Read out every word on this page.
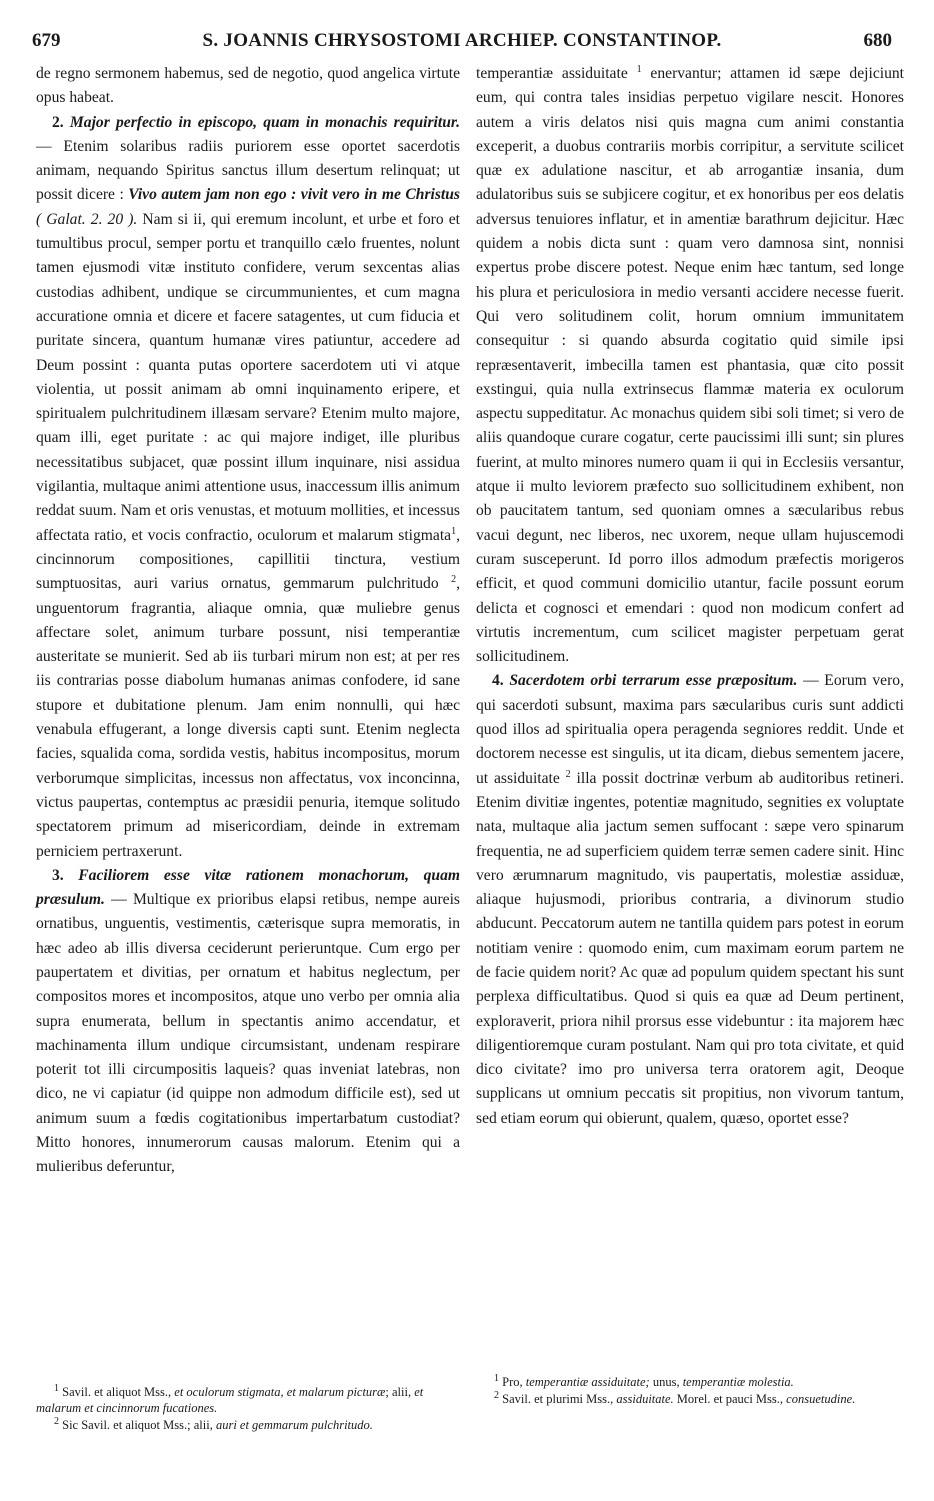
679	S. JOANNIS CHRYSOSTOMI ARCHIEP. CONSTANTINOP.	680

de regno sermonem habemus, sed de negotio, quod angelica virtute opus habeat.

2. Major perfectio in episcopo, quam in monachis requiritur. — Etenim solaribus radiis puriorem esse oportet sacerdotis animam, nequando Spiritus sanctus illum desertum relinquat; ut possit dicere : Vivo autem jam non ego : vivit vero in me Christus ( Galat. 2. 20 ). Nam si ii, qui eremum incolunt, et urbe et foro et tumultibus procul, semper portu et tranquillo cælo fruentes, nolunt tamen ejusmodi vitæ instituto confidere, verum sexcentas alias custodias adhibent, undique se circummunientes, et cum magna accuratione omnia et dicere et facere satagentes, ut cum fiducia et puritate sincera, quantum humanæ vires patiuntur, accedere ad Deum possint : quanta putas oportere sacerdotem uti vi atque violentia, ut possit animam ab omni inquinamento eripere, et spiritualem pulchritudinem illæsam servare? Etenim multo majore, quam illi, eget puritate : ac qui majore indiget, ille pluribus necessitatibus subjacet, quæ possint illum inquinare, nisi assidua vigilantia, multaque animi attentione usus, inaccessum illis animum reddat suum. Nam et oris venustas, et motuum mollities, et incessus affectata ratio, et vocis confractio, oculorum et malarum stigmata$^1$, cincinnorum compositiones, capillitii tinctura, vestium sumptuositas, auri varius ornatus, gemmarum pulchritudo $^2$, unguentorum fragrantia, aliaque omnia, quæ muliebre genus affectare solet, animum turbare possunt, nisi temperantiæ austeritate se munierit. Sed ab iis turbari mirum non est; at per res iis contrarias posse diabolum humanas animas confodere, id sane stupore et dubitatione plenum. Jam enim nonnulli, qui hæc venabula effugerant, a longe diversis capti sunt. Etenim neglecta facies, squalida coma, sordida vestis, habitus incompositus, morum verborumque simplicitas, incessus non affectatus, vox inconcinna, victus paupertas, contemptus ac præsidii penuria, itemque solitudo spectatorem primum ad misericordiam, deinde in extremam perniciem pertraxerunt.

3. Faciliorem esse vitæ rationem monachorum, quam præsulum. — Multique ex prioribus elapsi retibus, nempe aureis ornatibus, unguentis, vestimentis, cæterisque supra memoratis, in hæc adeo ab illis diversa ceciderunt perieruntque. Cum ergo per paupertatem et divitias, per ornatum et habitus neglectum, per compositos mores et incompositos, atque uno verbo per omnia alia supra enumerata, bellum in spectantis animo accendatur, et machinamenta illum undique circumsistant, undenam respirare poterit tot illi circumpositis laqueis? quas inveniat latebras, non dico, ne vi capiatur (id quippe non admodum difficile est), sed ut animum suum a fœdis cogitationibus impertarbatum custodiat? Mitto honores, innumerorum causas malorum. Etenim qui a mulieribus deferuntur,

temperantiæ assiduitate $^1$ enervantur; attamen id sæpe dejiciunt eum, qui contra tales insidias perpetuo vigilare nescit. Honores autem a viris delatos nisi quis magna cum animi constantia exceperit, a duobus contrariis morbis corripitur, a servitute scilicet quæ ex adulatione nascitur, et ab arrogantiæ insania, dum adulatoribus suis se subjicere cogitur, et ex honoribus per eos delatis adversus tenuiores inflatur, et in amentiæ barathrum dejicitur. Hæc quidem a nobis dicta sunt : quam vero damnosa sint, nonnisi expertus probe discere potest. Neque enim hæc tantum, sed longe his plura et periculosiora in medio versanti accidere necesse fuerit. Qui vero solitudinem colit, horum omnium immunitatem consequitur : si quando absurda cogitatio quid simile ipsi repræsentaverit, imbecilla tamen est phantasia, quæ cito possit exstingui, quia nulla extrinsecus flammæ materia ex oculorum aspectu suppeditatur. Ac monachus quidem sibi soli timet; si vero de aliis quandoque curare cogatur, certe paucissimi illi sunt; sin plures fuerint, at multo minores numero quam ii qui in Ecclesiis versantur, atque ii multo leviorem præfecto suo sollicitudinem exhibent, non ob paucitatem tantum, sed quoniam omnes a sæcularibus rebus vacui degunt, nec liberos, nec uxorem, neque ullam hujuscemodi curam susceperunt. Id porro illos admodum præfectis morigeros efficit, et quod communi domicilio utantur, facile possunt eorum delicta et cognosci et emendari : quod non modicum confert ad virtutis incrementum, cum scilicet magister perpetuam gerat sollicitudinem.

4. Sacerdotem orbi terrarum esse præpositum. — Eorum vero, qui sacerdoti subsunt, maxima pars sæcularibus curis sunt addicti quod illos ad spiritualia opera peragenda segniores reddit. Unde et doctorem necesse est singulis, ut ita dicam, diebus sementem jacere, ut assiduitate $^2$ illa possit doctrinæ verbum ab auditoribus retineri. Etenim divitiæ ingentes, potentiæ magnitudo, segnities ex voluptate nata, multaque alia jactum semen suffocant : sæpe vero spinarum frequentia, ne ad superficiem quidem terræ semen cadere sinit. Hinc vero ærumnarum magnitudo, vis paupertatis, molestiæ assiduæ, aliaque hujusmodi, prioribus contraria, a divinorum studio abducunt. Peccatorum autem ne tantilla quidem pars potest in eorum notitiam venire : quomodo enim, cum maximam eorum partem ne de facie quidem norit? Ac quæ ad populum quidem spectant his sunt perplexa difficultatibus. Quod si quis ea quæ ad Deum pertinent, exploraverit, priora nihil prorsus esse videbuntur : ita majorem hæc diligentioremque curam postulant. Nam qui pro tota civitate, et quid dico civitate? imo pro universa terra oratorem agit, Deoque supplicans ut omnium peccatis sit propitius, non vivorum tantum, sed etiam eorum qui obierunt, qualem, quæso, oportet esse?

$^1$ Savil. et aliquot Mss., et oculorum stigmata, et malarum picturæ; alii, et malarum et cincinnorum fucationes.

$^2$ Sic Savil. et aliquot Mss.; alii, auri et gemmarum pulchritudo.

$^1$ Pro, temperantiæ assiduitate; unus, temperantiæ molestia.

$^2$ Savil. et plurimi Mss., assiduitate. Morel. et pauci Mss., consuetudine.
